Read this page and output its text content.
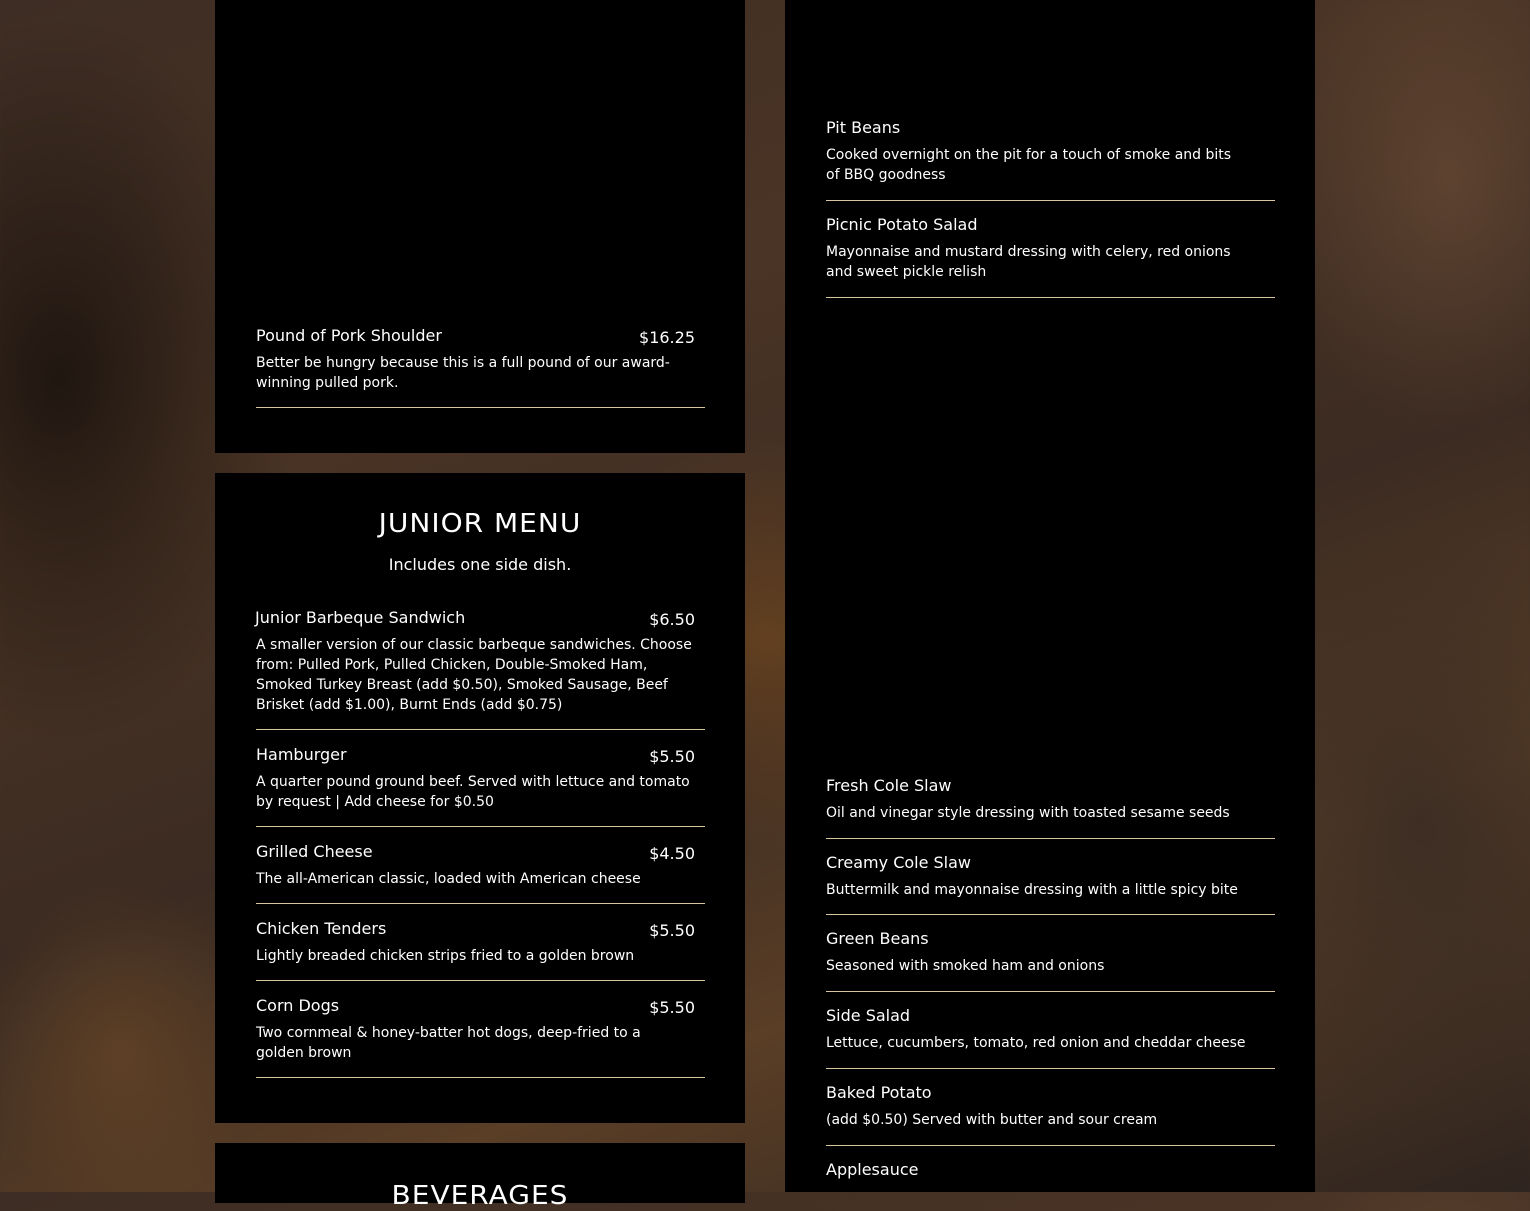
Pound of Pork Shoulder	$16.25
Better be hungry because this is a full pound of our award-winning pulled pork.
JUNIOR MENU
Includes one side dish.
Junior Barbeque Sandwich	$6.50
A smaller version of our classic barbeque sandwiches. Choose from: Pulled Pork, Pulled Chicken, Double-Smoked Ham, Smoked Turkey Breast (add $0.50), Smoked Sausage, Beef Brisket (add $1.00), Burnt Ends (add $0.75)
Hamburger	$5.50
A quarter pound ground beef. Served with lettuce and tomato by request | Add cheese for $0.50
Grilled Cheese	$4.50
The all-American classic, loaded with American cheese
Chicken Tenders	$5.50
Lightly breaded chicken strips fried to a golden brown
Corn Dogs	$5.50
Two cornmeal & honey-batter hot dogs, deep-fried to a golden brown
BEVERAGES
Pit Beans
Cooked overnight on the pit for a touch of smoke and bits of BBQ goodness
Picnic Potato Salad
Mayonnaise and mustard dressing with celery, red onions and sweet pickle relish
Fresh Cole Slaw
Oil and vinegar style dressing with toasted sesame seeds
Creamy Cole Slaw
Buttermilk and mayonnaise dressing with a little spicy bite
Green Beans
Seasoned with smoked ham and onions
Side Salad
Lettuce, cucumbers, tomato, red onion and cheddar cheese
Baked Potato
(add $0.50) Served with butter and sour cream
Applesauce
